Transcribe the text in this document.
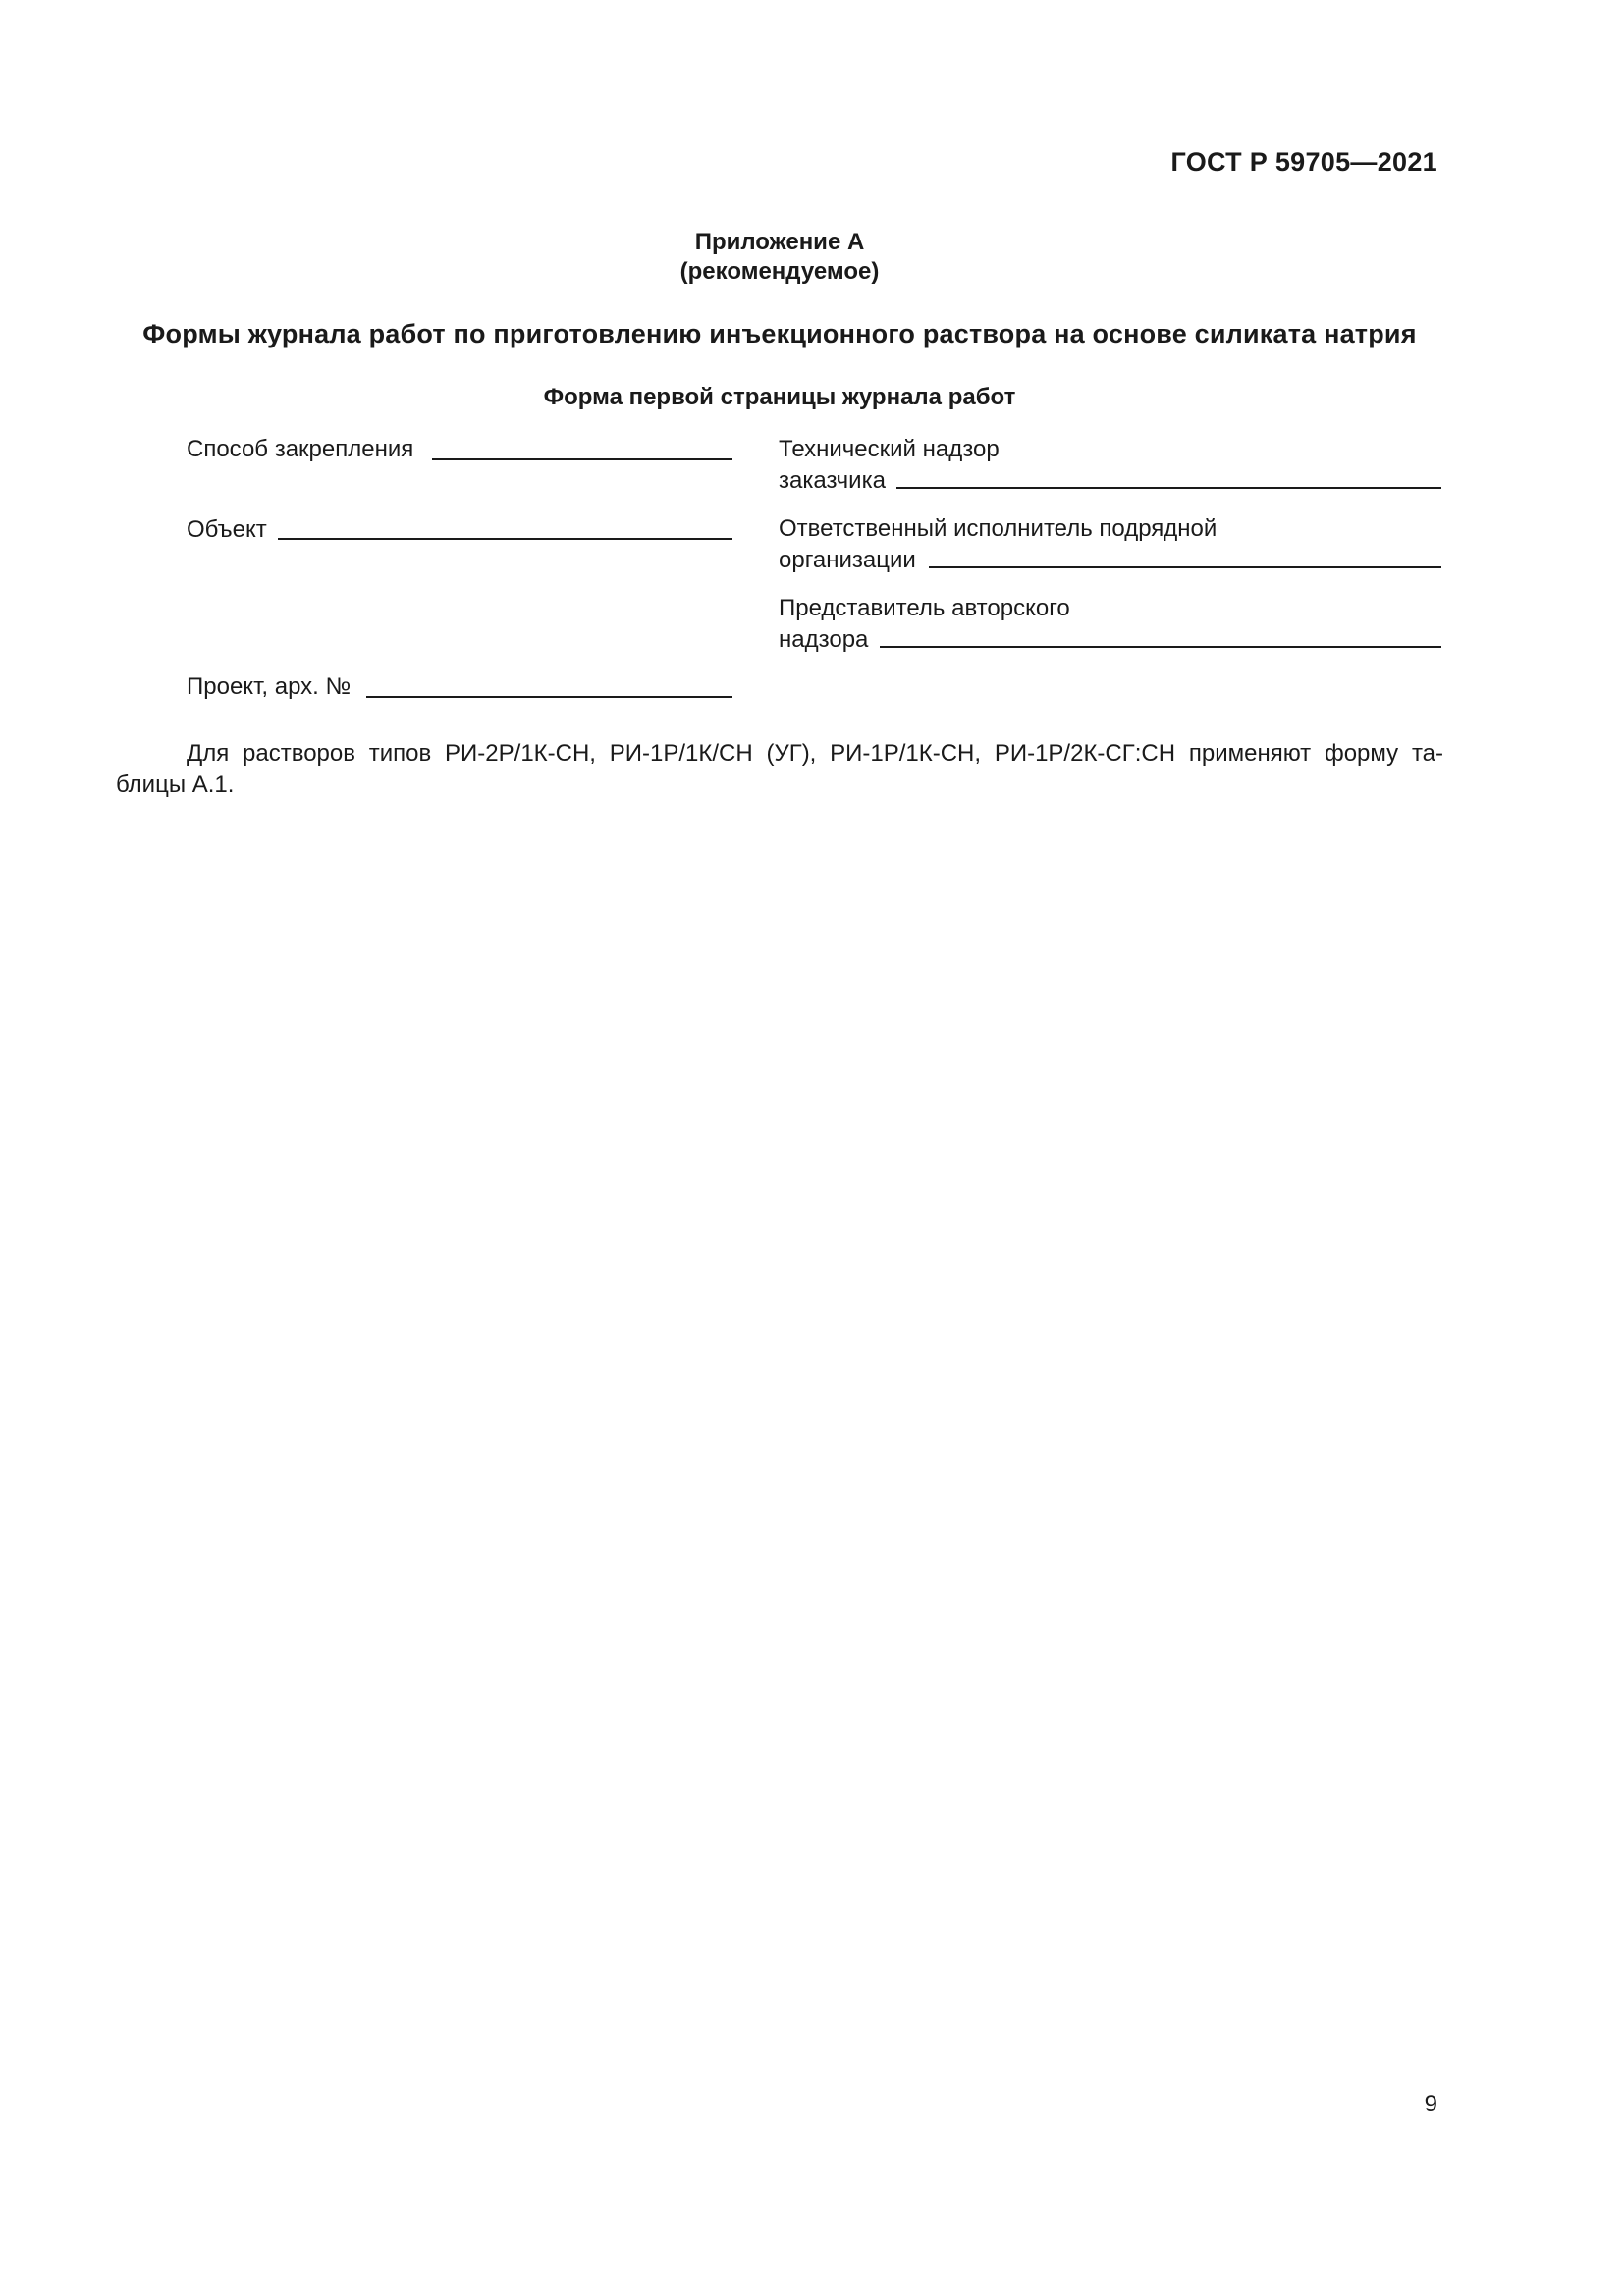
ГОСТ Р 59705—2021
Приложение А
(рекомендуемое)
Формы журнала работ по приготовлению инъекционного раствора на основе силиката натрия
Форма первой страницы журнала работ
Способ закрепления
Объект
Проект, арх. №
Технический надзор
заказчика
Ответственный исполнитель подрядной
организации
Представитель авторского
надзора
Для растворов типов РИ-2Р/1К-СН, РИ-1Р/1К/СН (УГ), РИ-1Р/1К-СН, РИ-1Р/2К-СГ:СН применяют форму та-
блицы А.1.
9
